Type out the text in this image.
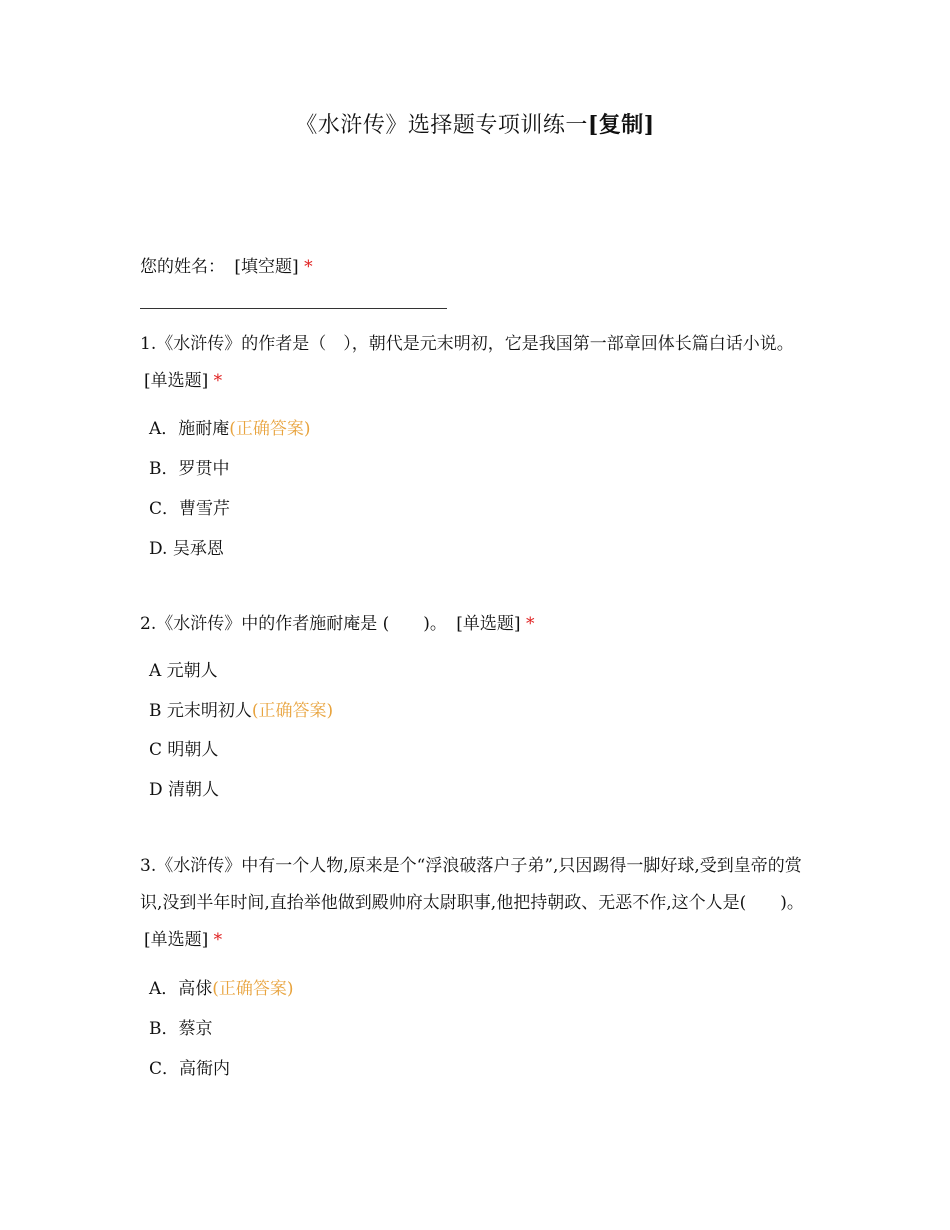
《水浒传》选择题专项训练一[复制]
您的姓名： [填空题] *
1.《水浒传》的作者是（　），朝代是元末明初，它是我国第一部章回体长篇白话小说。 [单选题] *
A．施耐庵(正确答案)
B．罗贯中
C．曹雪芹
D. 吴承恩
2.《水浒传》中的作者施耐庵是 (　　)。 [单选题] *
A 元朝人
B 元末明初人(正确答案)
C 明朝人
D 清朝人
3.《水浒传》中有一个人物,原来是个“浮浪破落户子弟”,只因踢得一脚好球,受到皇帝的赏识,没到半年时间,直抬举他做到殿帅府太尉职事,他把持朝政、无恶不作,这个人是(　　)。 [单选题] *
A．高俅(正确答案)
B．蔡京
C．高衙内
